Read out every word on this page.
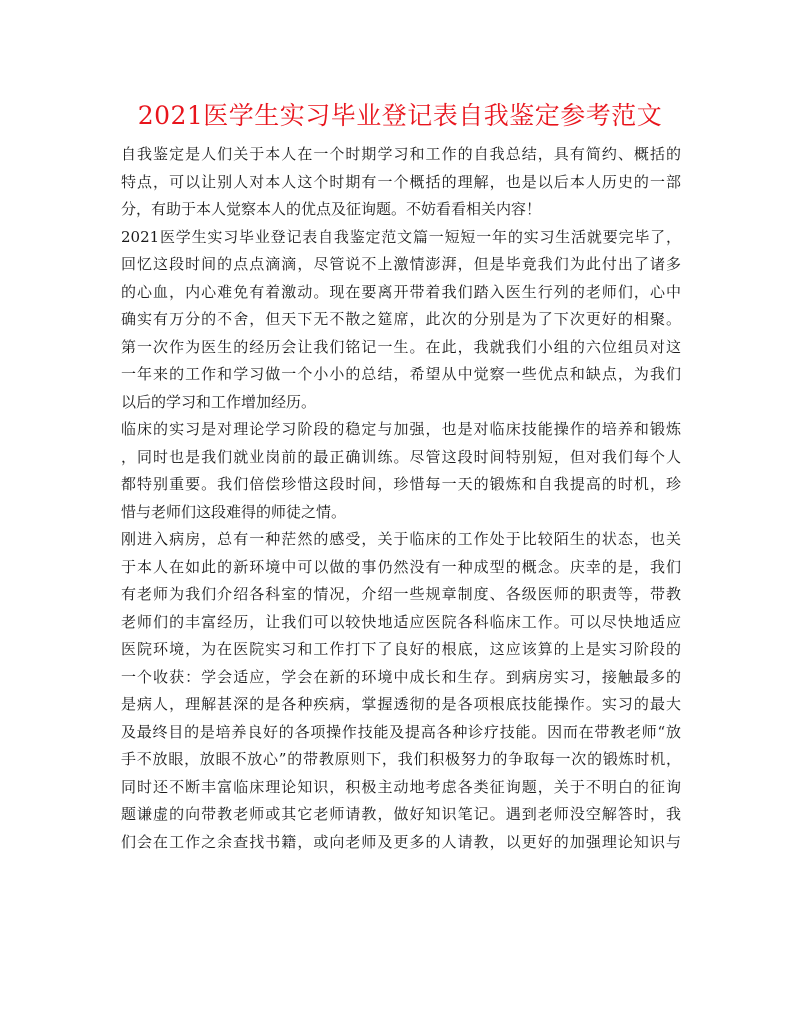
2021医学生实习毕业登记表自我鉴定参考范文
自我鉴定是人们关于本人在一个时期学习和工作的自我总结，具有简约、概括的
特点，可以让别人对本人这个时期有一个概括的理解，也是以后本人历史的一部
分，有助于本人觉察本人的优点及征询题。不妨看看相关内容！
2021医学生实习毕业登记表自我鉴定范文篇一短短一年的实习生活就要完毕了，
回忆这段时间的点点滴滴，尽管说不上激情澎湃，但是毕竟我们为此付出了诸多
的心血，内心难免有着激动。现在要离开带着我们踏入医生行列的老师们，心中
确实有万分的不舍，但天下无不散之筵席，此次的分别是为了下次更好的相聚。
第一次作为医生的经历会让我们铭记一生。在此，我就我们小组的六位组员对这
一年来的工作和学习做一个小小的总结，希望从中觉察一些优点和缺点，为我们
以后的学习和工作增加经历。
临床的实习是对理论学习阶段的稳定与加强，也是对临床技能操作的培养和锻炼
，同时也是我们就业岗前的最正确训练。尽管这段时间特别短，但对我们每个人
都特别重要。我们倍偿珍惜这段时间，珍惜每一天的锻炼和自我提高的时机，珍
惜与老师们这段难得的师徒之情。
刚进入病房，总有一种茫然的感受，关于临床的工作处于比较陌生的状态，也关
于本人在如此的新环境中可以做的事仍然没有一种成型的概念。庆幸的是，我们
有老师为我们介绍各科室的情况，介绍一些规章制度、各级医师的职责等，带教
老师们的丰富经历，让我们可以较快地适应医院各科临床工作。可以尽快地适应
医院环境，为在医院实习和工作打下了良好的根底，这应该算的上是实习阶段的
一个收获：学会适应，学会在新的环境中成长和生存。到病房实习，接触最多的
是病人，理解甚深的是各种疾病，掌握透彻的是各项根底技能操作。实习的最大
及最终目的是培养良好的各项操作技能及提高各种诊疗技能。因而在带教老师“放
手不放眼，放眼不放心”的带教原则下，我们积极努力的争取每一次的锻炼时机，
同时还不断丰富临床理论知识，积极主动地考虑各类征询题，关于不明白的征询
题谦虚的向带教老师或其它老师请教，做好知识笔记。遇到老师没空解答时，我
们会在工作之余查找书籍，或向老师及更多的人请教，以更好的加强理论知识与
